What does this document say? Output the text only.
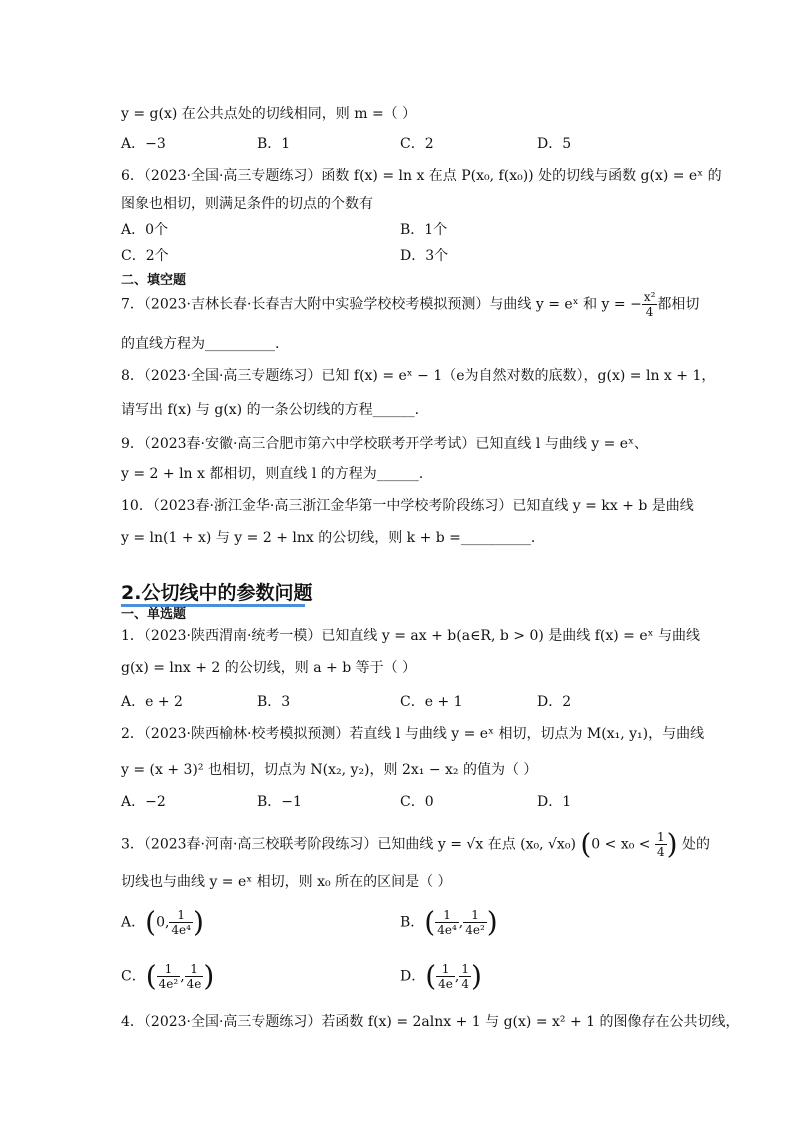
y = g(x) 在公共点处的切线相同，则 m =（ ）
A．−3	B．1	C．2	D．5
6．（2023·全国·高三专题练习）函数 f(x) = ln x 在点 P(x₀, f(x₀)) 处的切线与函数 g(x) = eˣ 的
图象也相切，则满足条件的切点的个数有
A．0个	B．1个
C．2个	D．3个
二、填空题
7．（2023·吉林长春·长春吉大附中实验学校校考模拟预测）与曲线 y = eˣ 和 y = − $\frac{\text{x²}}{4}$ 都相切
的直线方程为__________.
8．（2023·全国·高三专题练习）已知 f(x) = eˣ − 1（e为自然对数的底数），g(x) = ln x + 1，
请写出 f(x) 与 g(x) 的一条公切线的方程______.
9．（2023春·安徽·高三合肥市第六中学校联考开学考试）已知直线 l 与曲线 y = eˣ、
y = 2 + ln x 都相切，则直线 l 的方程为______.
10．（2023春·浙江金华·高三浙江金华第一中学校考阶段练习）已知直线 y = kx + b 是曲线
y = ln(1 + x) 与 y = 2 + lnx 的公切线，则 k + b =__________.
2.公切线中的参数问题
一、单选题
1．（2023·陕西渭南·统考一模）已知直线 y = ax + b(a∈R, b > 0) 是曲线 f(x) = eˣ 与曲线
g(x) = lnx + 2 的公切线，则 a + b 等于（ ）
A．e + 2	B．3	C．e + 1	D．2
2．（2023·陕西榆林·校考模拟预测）若直线 l 与曲线 y = eˣ 相切，切点为 M(x₁, y₁)，与曲线
y = (x + 3)² 也相切，切点为 N(x₂, y₂)，则 2x₁ − x₂ 的值为（ ）
A．−2	B．−1	C．0	D．1
3．（2023春·河南·高三校联考阶段练习）已知曲线 y = √x 在点 (x₀, √x₀) ($0 < x_0 < \frac{1}{4}$ ) 处的
切线也与曲线 y = eˣ 相切，则 x₀ 所在的区间是（ ）
A．(0, $\frac{1}{\text{4e⁴}}$ )	B．( $\frac{1}{\text{4e⁴}}$ , $\frac{1}{\text{4e²}}$ )
C．( $\frac{1}{\text{4e²}}$ , $\frac{1}{4e}$ )	D．( $\frac{1}{4e}$ , $\frac{1}{4}$ )
4．（2023·全国·高三专题练习）若函数 f(x) = 2alnx + 1 与 g(x) = x² + 1 的图像存在公共切线，
